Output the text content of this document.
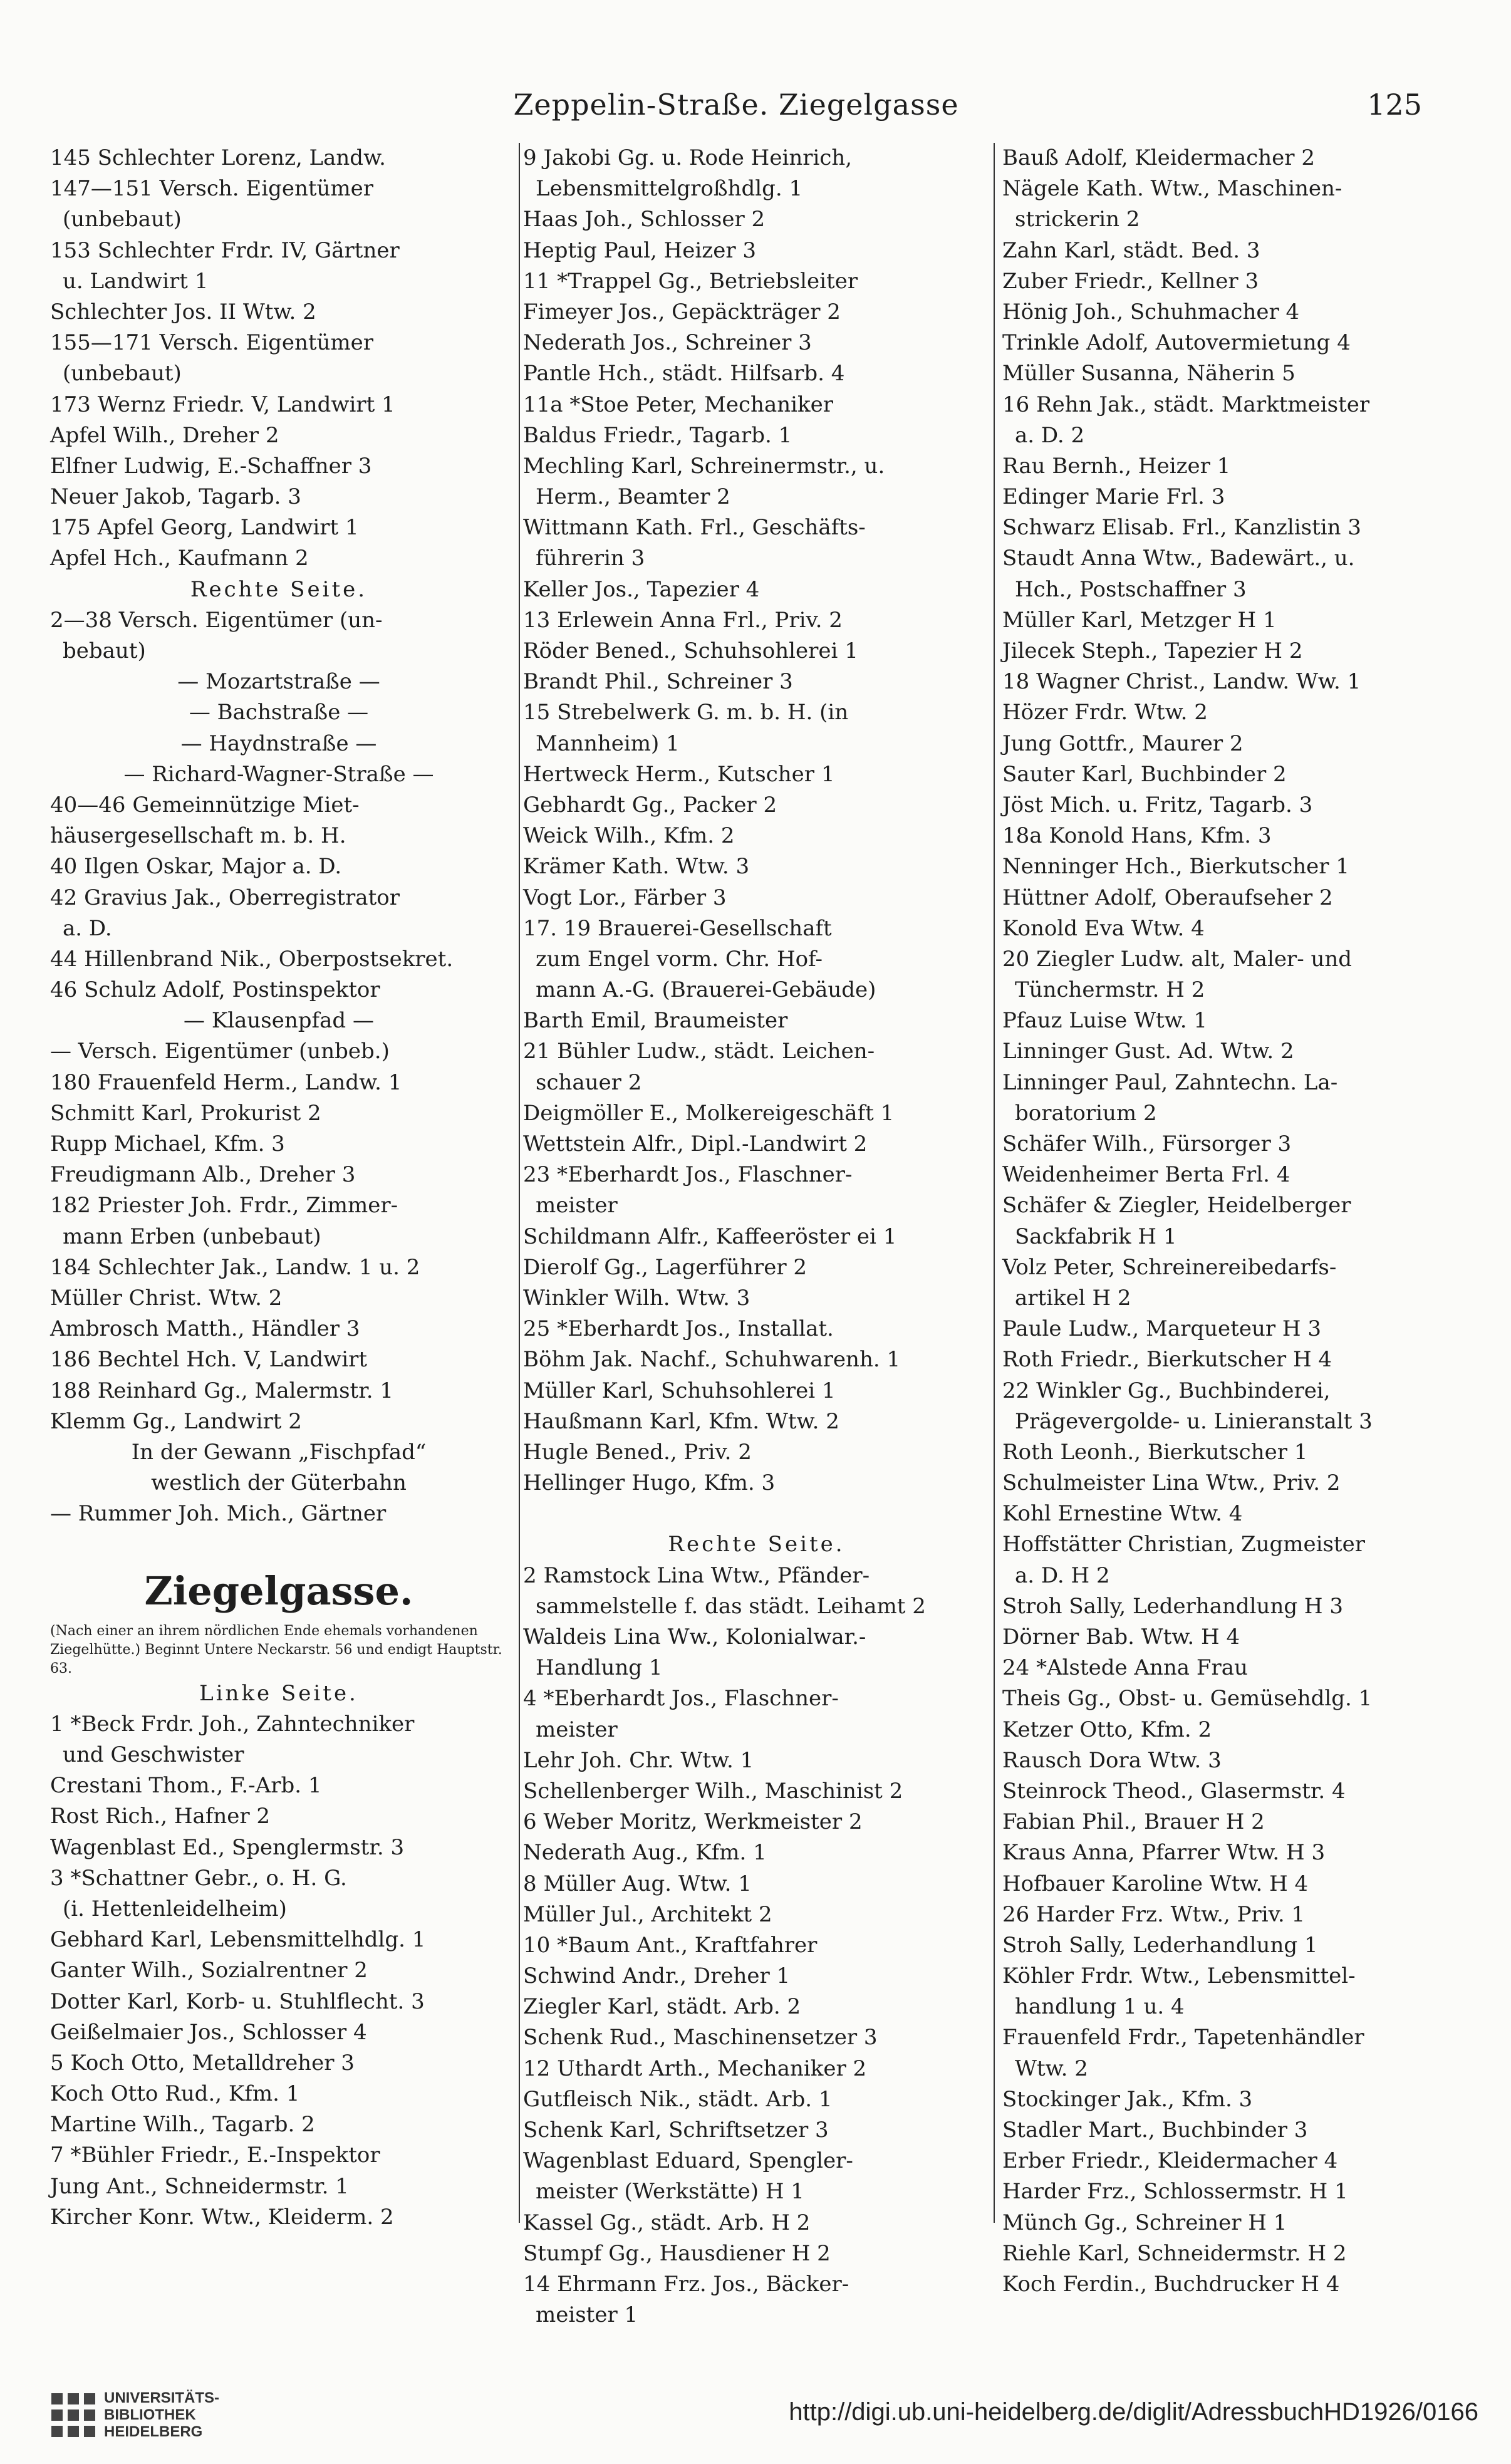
Zeppelin-Straße. Ziegelgasse	125
145 Schlechter Lorenz, Landw.
147—151 Versch. Eigentümer
(unbebaut)
153 Schlechter Frdr. IV, Gärtner
u. Landwirt 1
Schlechter Jos. II Wtw. 2
155—171 Versch. Eigentümer
(unbebaut)
173 Wernz Friedr. V, Landwirt 1
Apfel Wilh., Dreher 2
Elfner Ludwig, E.-Schaffner 3
Neuer Jakob, Tagarb. 3
175 Apfel Georg, Landwirt 1
Apfel Hch., Kaufmann 2
Rechte Seite.
2—38 Versch. Eigentümer (un-
bebaut)
— Mozartstraße —
— Bachstraße —
— Haydnstraße —
— Richard-Wagner-Straße —
40—46 Gemeinnützige Miet-
häusergesellschaft m. b. H.
40 Ilgen Oskar, Major a. D.
42 Gravius Jak., Oberregistrator
a. D.
44 Hillenbrand Nik., Oberpostsekret.
46 Schulz Adolf, Postinspektor
— Klausenpfad —
— Versch. Eigentümer (unbeb.)
180 Frauenfeld Herm., Landw. 1
Schmitt Karl, Prokurist 2
Rupp Michael, Kfm. 3
Freudigmann Alb., Dreher 3
182 Priester Joh. Frdr., Zimmer-
mann Erben (unbebaut)
184 Schlechter Jak., Landw. 1 u. 2
Müller Christ. Wtw. 2
Ambrosch Matth., Händler 3
186 Bechtel Hch. V, Landwirt
188 Reinhard Gg., Malermstr. 1
Klemm Gg., Landwirt 2
In der Gewann „Fischpfad“
westlich der Güterbahn
— Rummer Joh. Mich., Gärtner
Ziegelgasse.
(Nach einer an ihrem nördlichen Ende ehemals vorhandenen Ziegelhütte.) Beginnt Untere Neckarstr. 56 und endigt Hauptstr. 63.
Linke Seite.
1 *Beck Frdr. Joh., Zahntechniker
und Geschwister
Crestani Thom., F.-Arb. 1
Rost Rich., Hafner 2
Wagenblast Ed., Spenglermstr. 3
3 *Schattner Gebr., o. H. G.
(i. Hettenleidelheim)
Gebhard Karl, Lebensmittelhdlg. 1
Ganter Wilh., Sozialrentner 2
Dotter Karl, Korb- u. Stuhlflecht. 3
Geißelmaier Jos., Schlosser 4
5 Koch Otto, Metalldreher 3
Koch Otto Rud., Kfm. 1
Martine Wilh., Tagarb. 2
7 *Bühler Friedr., E.-Inspektor
Jung Ant., Schneidermstr. 1
Kircher Konr. Wtw., Kleiderm. 2
9 Jakobi Gg. u. Rode Heinrich,
Lebensmittelgroßhdlg. 1
Haas Joh., Schlosser 2
Heptig Paul, Heizer 3
11 *Trappel Gg., Betriebsleiter
Fimeyer Jos., Gepäckträger 2
Nederath Jos., Schreiner 3
Pantle Hch., städt. Hilfsarb. 4
11a *Stoe Peter, Mechaniker
Baldus Friedr., Tagarb. 1
Mechling Karl, Schreinermstr., u.
Herm., Beamter 2
Wittmann Kath. Frl., Geschäfts-
führerin 3
Keller Jos., Tapezier 4
13 Erlewein Anna Frl., Priv. 2
Röder Bened., Schuhsohlerei 1
Brandt Phil., Schreiner 3
15 Strebelwerk G. m. b. H. (in
Mannheim) 1
Hertweck Herm., Kutscher 1
Gebhardt Gg., Packer 2
Weick Wilh., Kfm. 2
Krämer Kath. Wtw. 3
Vogt Lor., Färber 3
17. 19 Brauerei-Gesellschaft
zum Engel vorm. Chr. Hof-
mann A.-G. (Brauerei-Gebäude)
Barth Emil, Braumeister
21 Bühler Ludw., städt. Leichen-
schauer 2
Deigmöller E., Molkereigeschäft 1
Wettstein Alfr., Dipl.-Landwirt 2
23 *Eberhardt Jos., Flaschner-
meister
Schildmann Alfr., Kaffeeröster ei 1
Dierolf Gg., Lagerführer 2
Winkler Wilh. Wtw. 3
25 *Eberhardt Jos., Installat.
Böhm Jak. Nachf., Schuhwarenh. 1
Müller Karl, Schuhsohlerei 1
Haußmann Karl, Kfm. Wtw. 2
Hugle Bened., Priv. 2
Hellinger Hugo, Kfm. 3
Rechte Seite.
2 Ramstock Lina Wtw., Pfänder-
sammelstelle f. das städt. Leihamt 2
Waldeis Lina Ww., Kolonialwar.-
Handlung 1
4 *Eberhardt Jos., Flaschner-
meister
Lehr Joh. Chr. Wtw. 1
Schellenberger Wilh., Maschinist 2
6 Weber Moritz, Werkmeister 2
Nederath Aug., Kfm. 1
8 Müller Aug. Wtw. 1
Müller Jul., Architekt 2
10 *Baum Ant., Kraftfahrer
Schwind Andr., Dreher 1
Ziegler Karl, städt. Arb. 2
Schenk Rud., Maschinensetzer 3
12 Uthardt Arth., Mechaniker 2
Gutfleisch Nik., städt. Arb. 1
Schenk Karl, Schriftsetzer 3
Wagenblast Eduard, Spengler-
meister (Werkstätte) H 1
Kassel Gg., städt. Arb. H 2
Stumpf Gg., Hausdiener H 2
14 Ehrmann Frz. Jos., Bäcker-
meister 1
Bauß Adolf, Kleidermacher 2
Nägele Kath. Wtw., Maschinen-
strickerin 2
Zahn Karl, städt. Bed. 3
Zuber Friedr., Kellner 3
Hönig Joh., Schuhmacher 4
Trinkle Adolf, Autovermietung 4
Müller Susanna, Näherin 5
16 Rehn Jak., städt. Marktmeister
a. D. 2
Rau Bernh., Heizer 1
Edinger Marie Frl. 3
Schwarz Elisab. Frl., Kanzlistin 3
Staudt Anna Wtw., Badewärt., u.
Hch., Postschaffner 3
Müller Karl, Metzger H 1
Jilecek Steph., Tapezier H 2
18 Wagner Christ., Landw. Ww. 1
Hözer Frdr. Wtw. 2
Jung Gottfr., Maurer 2
Sauter Karl, Buchbinder 2
Jöst Mich. u. Fritz, Tagarb. 3
18a Konold Hans, Kfm. 3
Nenninger Hch., Bierkutscher 1
Hüttner Adolf, Oberaufseher 2
Konold Eva Wtw. 4
20 Ziegler Ludw. alt, Maler- und
Tünchermstr. H 2
Pfauz Luise Wtw. 1
Linninger Gust. Ad. Wtw. 2
Linninger Paul, Zahntechn. La-
boratorium 2
Schäfer Wilh., Fürsorger 3
Weidenheimer Berta Frl. 4
Schäfer & Ziegler, Heidelberger
Sackfabrik H 1
Volz Peter, Schreinereibedarfs-
artikel H 2
Paule Ludw., Marqueteur H 3
Roth Friedr., Bierkutscher H 4
22 Winkler Gg., Buchbinderei,
Prägevergolde- u. Linieranstalt 3
Roth Leonh., Bierkutscher 1
Schulmeister Lina Wtw., Priv. 2
Kohl Ernestine Wtw. 4
Hoffstätter Christian, Zugmeister
a. D. H 2
Stroh Sally, Lederhandlung H 3
Dörner Bab. Wtw. H 4
24 *Alstede Anna Frau
Theis Gg., Obst- u. Gemüsehdlg. 1
Ketzer Otto, Kfm. 2
Rausch Dora Wtw. 3
Steinrock Theod., Glasermstr. 4
Fabian Phil., Brauer H 2
Kraus Anna, Pfarrer Wtw. H 3
Hofbauer Karoline Wtw. H 4
26 Harder Frz. Wtw., Priv. 1
Stroh Sally, Lederhandlung 1
Köhler Frdr. Wtw., Lebensmittel-
handlung 1 u. 4
Frauenfeld Frdr., Tapetenhändler
Wtw. 2
Stockinger Jak., Kfm. 3
Stadler Mart., Buchbinder 3
Erber Friedr., Kleidermacher 4
Harder Frz., Schlossermstr. H 1
Münch Gg., Schreiner H 1
Riehle Karl, Schneidermstr. H 2
Koch Ferdin., Buchdrucker H 4
UNIVERSITÄTS-
BIBLIOTHEK
HEIDELBERG
http://digi.ub.uni-heidelberg.de/diglit/AdressbuchHD1926/0166
